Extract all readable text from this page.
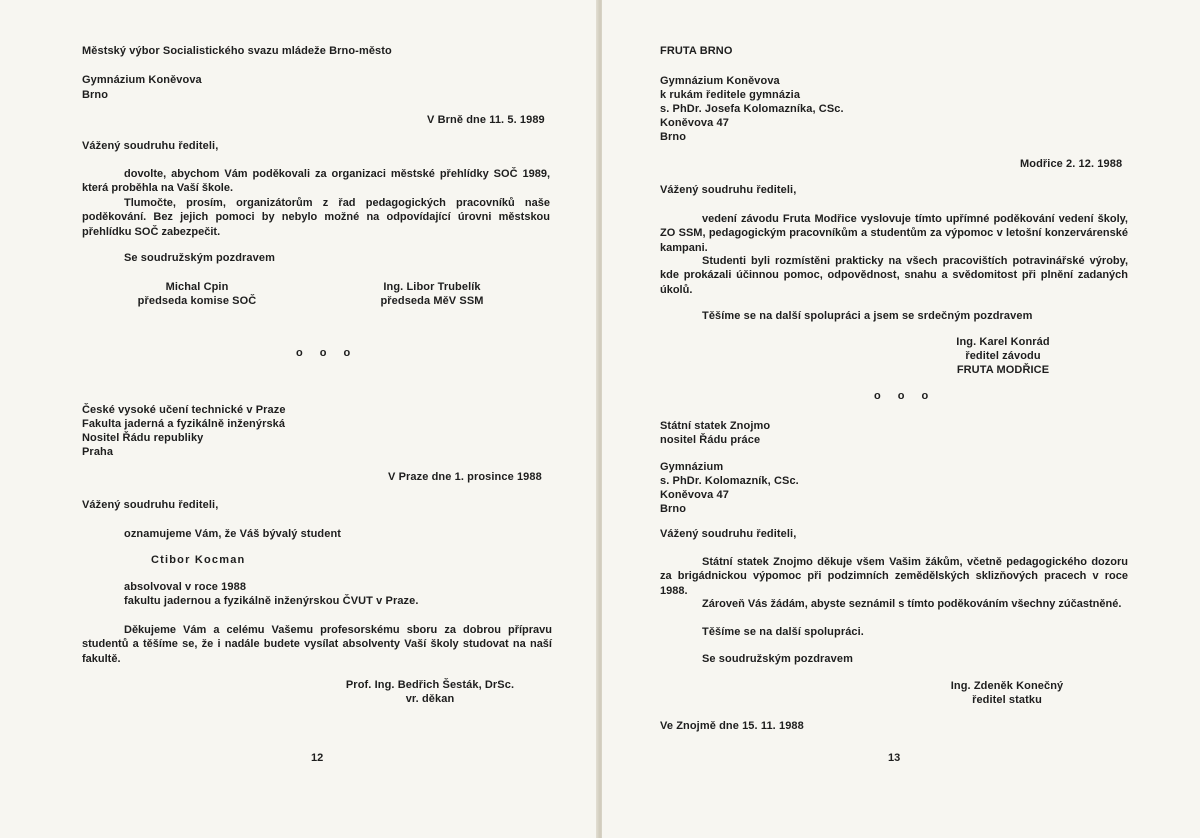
Městský výbor Socialistického svazu mládeže Brno-město

Gymnázium Koněvova

Brno

V Brně dne 11. 5. 1989

Vážený soudruhu řediteli,

dovolte, abychom Vám poděkovali za organizaci městské přehlídky SOČ 1989, která proběhla na Vaší škole.

Tlumočte, prosím, organizátorům z řad pedagogických pracovníků naše poděkování. Bez jejich pomoci by nebylo možné na odpovídající úrovni městskou přehlídku SOČ zabezpečit.

Se soudružským pozdravem

Michal Cpin

předseda komise SOČ

Ing. Libor Trubelík

předseda MěV SSM

o o o

České vysoké učení technické v Praze

Fakulta jaderná a fyzikálně inženýrská

Nositel Řádu republiky

Praha

V Praze dne 1. prosince 1988

Vážený soudruhu řediteli,

oznamujeme Vám, že Váš bývalý student

Ctibor Kocman

absolvoval v roce 1988

fakultu jadernou a fyzikálně inženýrskou ČVUT v Praze.

Děkujeme Vám a celému Vašemu profesorskému sboru za dobrou přípravu studentů a těšíme se, že i nadále budete vysílat absolventy Vaší školy studovat na naší fakultě.

Prof. Ing. Bedřich Šesták, DrSc.

vr. děkan

12

FRUTA BRNO

Gymnázium Koněvova

k rukám ředitele gymnázia

s. PhDr. Josefa Kolomazníka, CSc.

Koněvova 47

Brno

Modřice 2. 12. 1988

Vážený soudruhu řediteli,

vedení závodu Fruta Modřice vyslovuje tímto upřímné poděkování vedení školy, ZO SSM, pedagogickým pracovníkům a studentům za výpomoc v letošní konzervárenské kampani.

Studenti byli rozmístěni prakticky na všech pracovištích potravinářské výroby, kde prokázali účinnou pomoc, odpovědnost, snahu a svědomitost při plnění zadaných úkolů.

Těšíme se na další spolupráci a jsem se srdečným pozdravem

Ing. Karel Konrád

ředitel závodu

FRUTA MODŘICE

o o o

Státní statek Znojmo

nositel Řádu práce

Gymnázium

s. PhDr. Kolomazník, CSc.

Koněvova 47

Brno

Vážený soudruhu řediteli,

Státní statek Znojmo děkuje všem Vašim žákům, včetně pedagogického dozoru za brigádnickou výpomoc při podzimních zemědělských sklizňových pracech v roce 1988.

Zároveň Vás žádám, abyste seznámil s tímto poděkováním všechny zúčastněné.

Těšíme se na další spolupráci.

Se soudružským pozdravem

Ing. Zdeněk Konečný

ředitel statku

Ve Znojmě dne 15. 11. 1988

13
